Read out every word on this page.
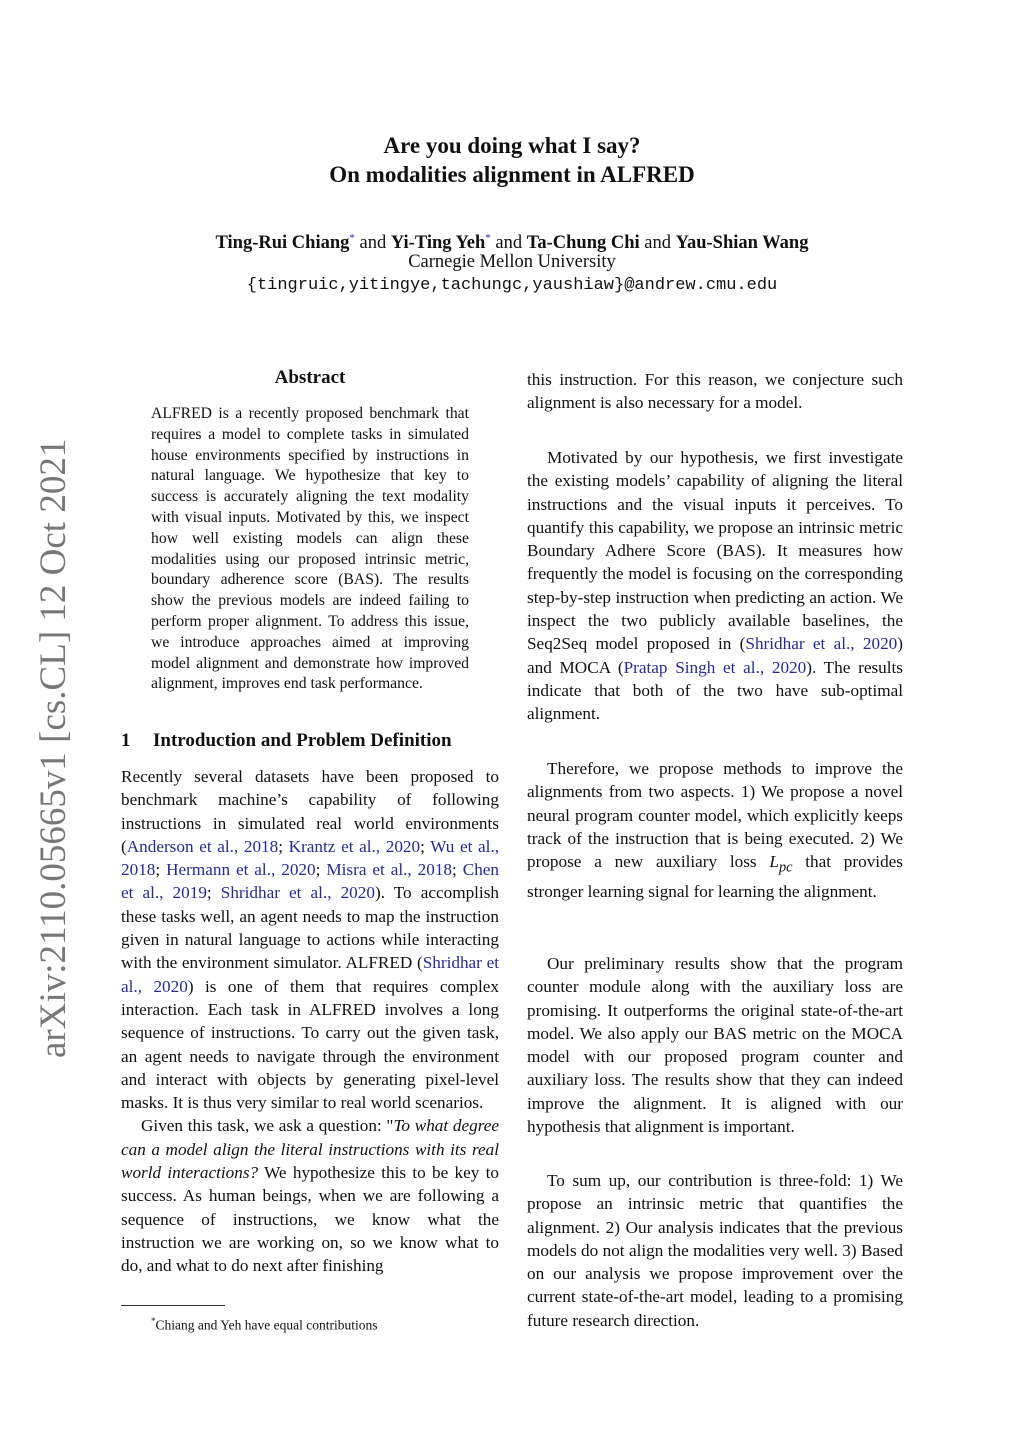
Are you doing what I say?
On modalities alignment in ALFRED
Ting-Rui Chiang* and Yi-Ting Yeh* and Ta-Chung Chi and Yau-Shian Wang
Carnegie Mellon University
{tingruic,yitingye,tachungc,yaushiaw}@andrew.cmu.edu
arXiv:2110.05665v1 [cs.CL] 12 Oct 2021
Abstract
ALFRED is a recently proposed benchmark that requires a model to complete tasks in simulated house environments specified by instructions in natural language. We hypothesize that key to success is accurately aligning the text modality with visual inputs. Motivated by this, we inspect how well existing models can align these modalities using our proposed intrinsic metric, boundary adherence score (BAS). The results show the previous models are indeed failing to perform proper alignment. To address this issue, we introduce approaches aimed at improving model alignment and demonstrate how improved alignment, improves end task performance.
1 Introduction and Problem Definition

Recently several datasets have been proposed to benchmark machine’s capability of following instructions in simulated real world environments (Anderson et al., 2018; Krantz et al., 2020; Wu et al., 2018; Hermann et al., 2020; Misra et al., 2018; Chen et al., 2019; Shridhar et al., 2020). To accomplish these tasks well, an agent needs to map the instruction given in natural language to actions while interacting with the environment simulator. ALFRED (Shridhar et al., 2020) is one of them that requires complex interaction. Each task in ALFRED involves a long sequence of instructions. To carry out the given task, an agent needs to navigate through the environment and interact with objects by generating pixel-level masks. It is thus very similar to real world scenarios.

Given this task, we ask a question: "To what degree can a model align the literal instructions with its real world interactions? We hypothesize this to be key to success. As human beings, when we are following a sequence of instructions, we know what the instruction we are working on, so we know what to do, and what to do next after finishing

*Chiang and Yeh have equal contributions

this instruction. For this reason, we conjecture such alignment is also necessary for a model.

Motivated by our hypothesis, we first investigate the existing models’ capability of aligning the literal instructions and the visual inputs it perceives. To quantify this capability, we propose an intrinsic metric Boundary Adhere Score (BAS). It measures how frequently the model is focusing on the corresponding step-by-step instruction when predicting an action. We inspect the two publicly available baselines, the Seq2Seq model proposed in (Shridhar et al., 2020) and MOCA (Pratap Singh et al., 2020). The results indicate that both of the two have sub-optimal alignment.

Therefore, we propose methods to improve the alignments from two aspects. 1) We propose a novel neural program counter model, which explicitly keeps track of the instruction that is being executed. 2) We propose a new auxiliary loss $L_{pc}$ that provides stronger learning signal for learning the alignment.

Our preliminary results show that the program counter module along with the auxiliary loss are promising. It outperforms the original state-of-the-art model. We also apply our BAS metric on the MOCA model with our proposed program counter and auxiliary loss. The results show that they can indeed improve the alignment. It is aligned with our hypothesis that alignment is important.

To sum up, our contribution is three-fold: 1) We propose an intrinsic metric that quantifies the alignment. 2) Our analysis indicates that the previous models do not align the modalities very well. 3) Based on our analysis we propose improvement over the current state-of-the-art model, leading to a promising future research direction.
